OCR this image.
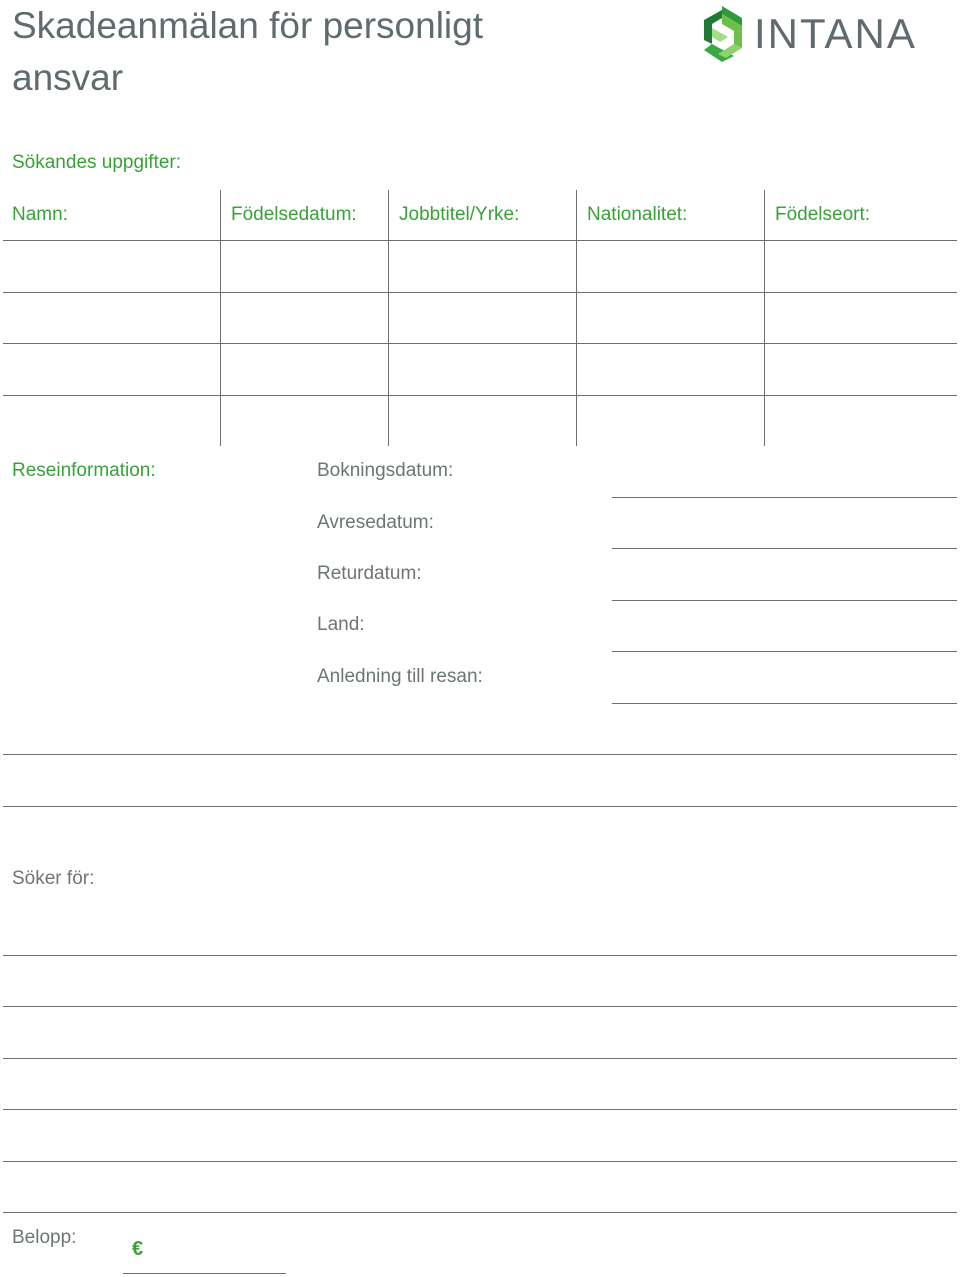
Skadeanmälan för personligt ansvar
INTANA
Sökandes uppgifter:
Namn:	Födelsedatum: Jobbtitel/Yrke:	Nationalitet:	Födelseort:
Reseinformation:	Bokningsdatum:
Avresedatum:
Returdatum:
Land:
Anledning till resan:
Söker för:
Belopp:
€
